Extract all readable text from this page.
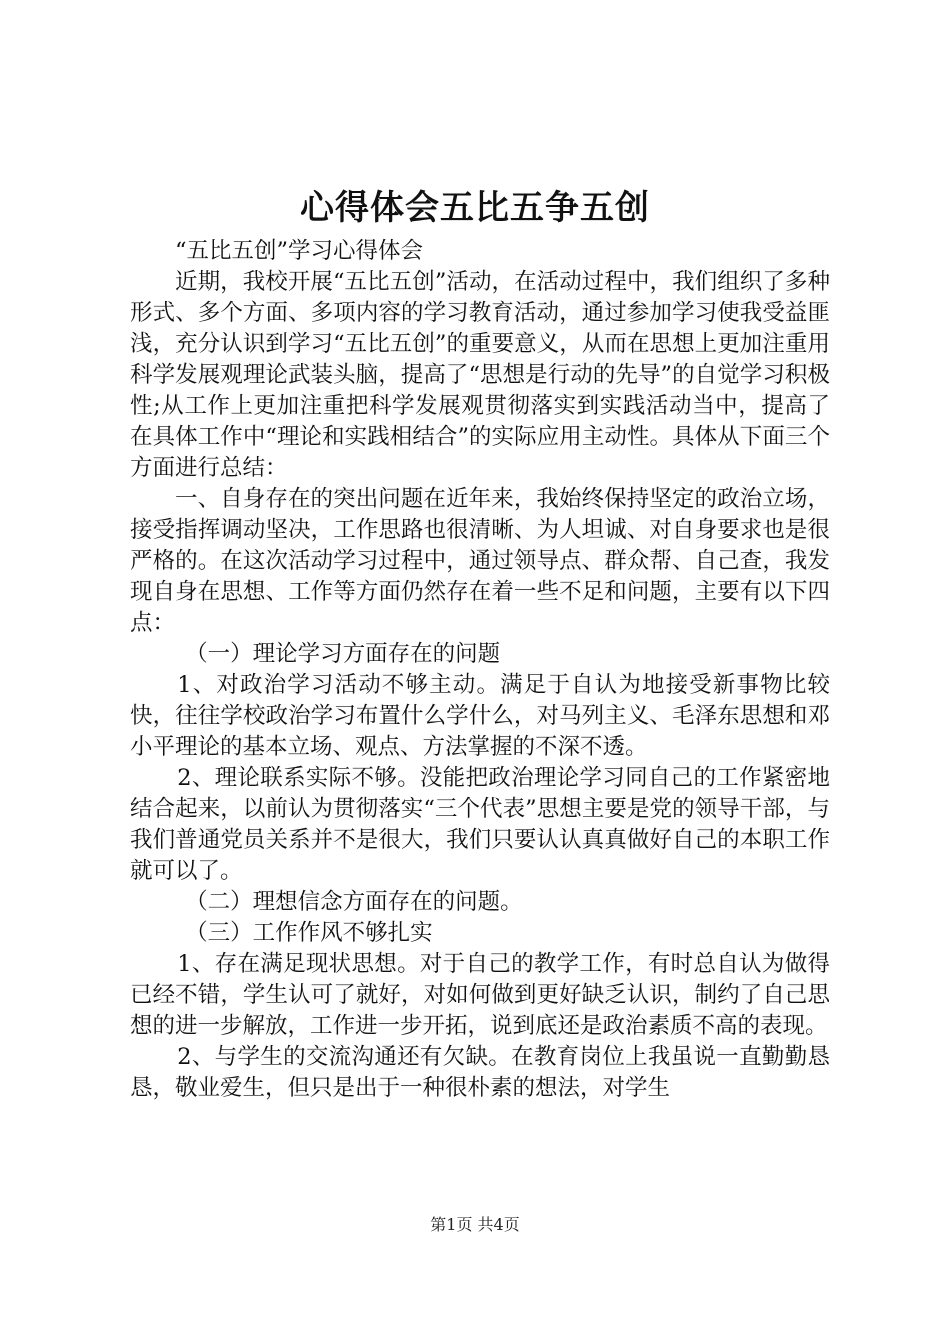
心得体会五比五争五创

“五比五创”学习心得体会

近期，我校开展“五比五创”活动，在活动过程中，我们组织了多种形式、多个方面、多项内容的学习教育活动，通过参加学习使我受益匪浅，充分认识到学习“五比五创”的重要意义，从而在思想上更加注重用科学发展观理论武装头脑，提高了“思想是行动的先导”的自觉学习积极性;从工作上更加注重把科学发展观贯彻落实到实践活动当中，提高了在具体工作中“理论和实践相结合”的实际应用主动性。具体从下面三个方面进行总结：

一、自身存在的突出问题在近年来，我始终保持坚定的政治立场，接受指挥调动坚决，工作思路也很清晰、为人坦诚、对自身要求也是很严格的。在这次活动学习过程中，通过领导点、群众帮、自己查，我发现自身在思想、工作等方面仍然存在着一些不足和问题，主要有以下四点：

（一）理论学习方面存在的问题

1、对政治学习活动不够主动。满足于自认为地接受新事物比较快，往往学校政治学习布置什么学什么，对马列主义、毛泽东思想和邓小平理论的基本立场、观点、方法掌握的不深不透。

2、理论联系实际不够。没能把政治理论学习同自己的工作紧密地结合起来，以前认为贯彻落实“三个代表”思想主要是党的领导干部，与我们普通党员关系并不是很大，我们只要认认真真做好自己的本职工作就可以了。

（二）理想信念方面存在的问题。

（三）工作作风不够扎实

1、存在满足现状思想。对于自己的教学工作，有时总自认为做得已经不错，学生认可了就好，对如何做到更好缺乏认识，制约了自己思想的进一步解放，工作进一步开拓，说到底还是政治素质不高的表现。

2、与学生的交流沟通还有欠缺。在教育岗位上我虽说一直勤勤恳恳，敬业爱生，但只是出于一种很朴素的想法，对学生

第1页 共4页
